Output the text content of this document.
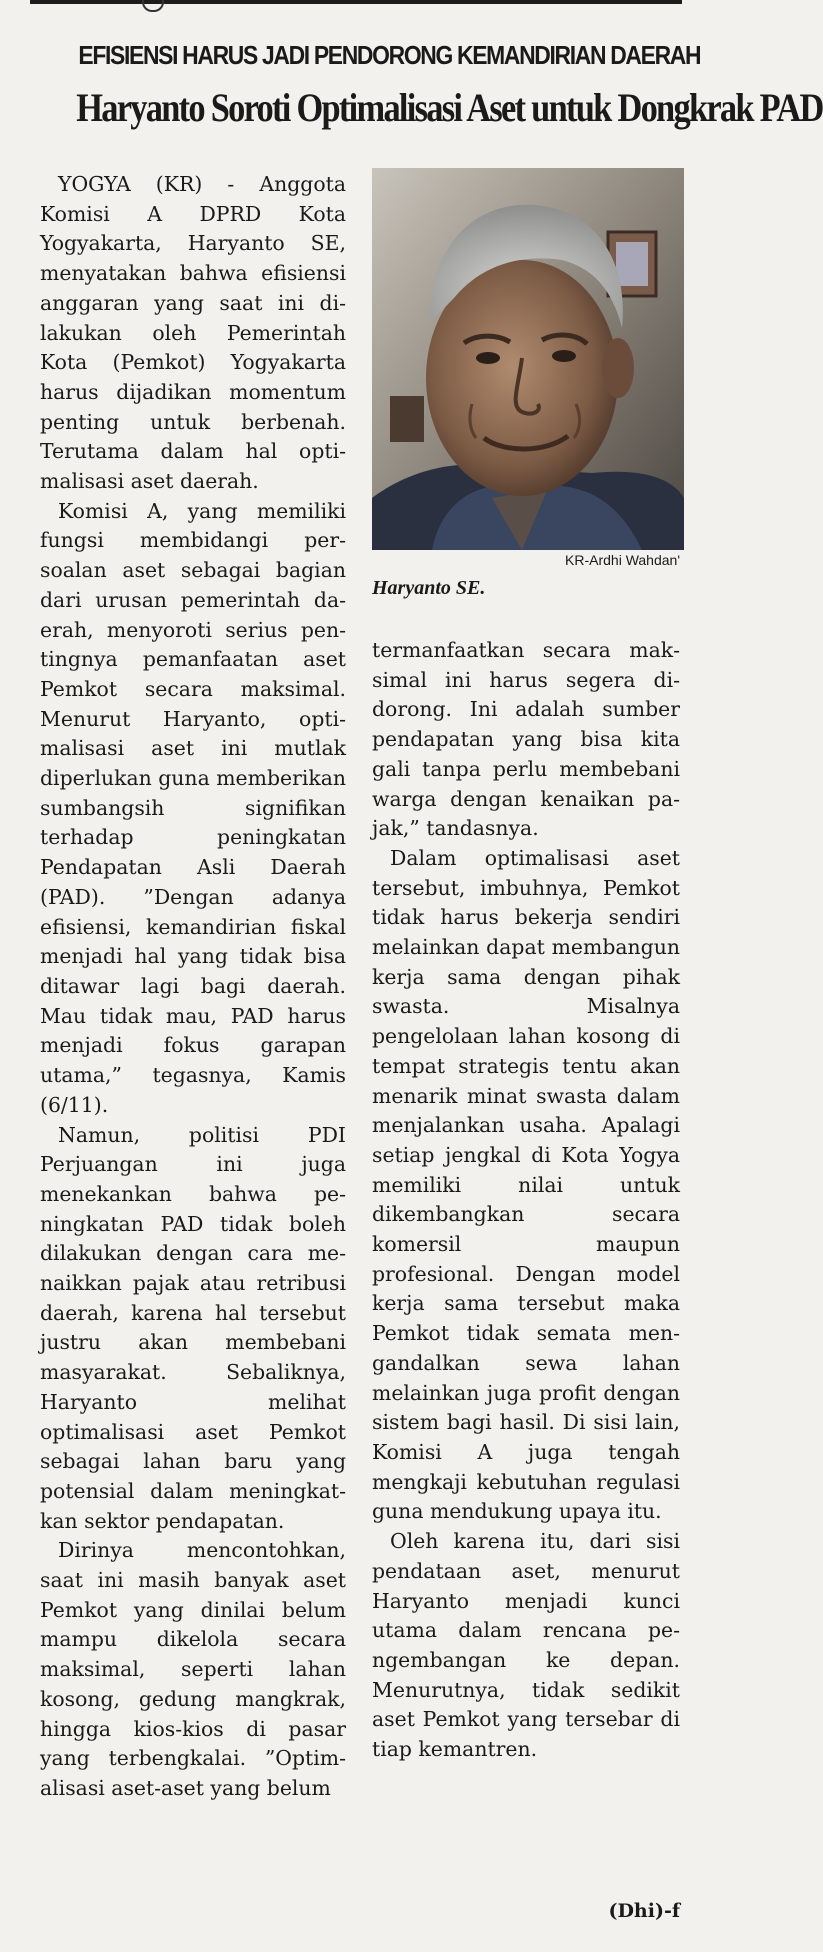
EFISIENSI HARUS JADI PENDORONG KEMANDIRIAN DAERAH
Haryanto Soroti Optimalisasi Aset untuk Dongkrak PAD

YOGYA (KR) - Anggota Komisi A DPRD Kota Yogyakarta, Haryanto SE, menyatakan bahwa efisiensi anggaran yang saat ini dilakukan oleh Pemerintah Kota (Pemkot) Yogyakarta harus dijadikan momentum penting untuk berbenah. Terutama dalam hal optimalisasi aset daerah.

Komisi A, yang memiliki fungsi membidangi persoalan aset sebagai bagian dari urusan pemerintah daerah, menyoroti serius pentingnya pemanfaatan aset Pemkot secara maksimal. Menurut Haryanto, optimalisasi aset ini mutlak diperlukan guna memberikan sumbangsih signifikan terhadap peningkatan Pendapatan Asli Daerah (PAD). ”Dengan adanya efisiensi, kemandirian fiskal menjadi hal yang tidak bisa ditawar lagi bagi daerah. Mau tidak mau, PAD harus menjadi fokus garapan utama,” tegasnya, Kamis (6/11).

Namun, politisi PDI Perjuangan ini juga menekankan bahwa peningkatan PAD tidak boleh dilakukan dengan cara menaikkan pajak atau retribusi daerah, karena hal tersebut justru akan membebani masyarakat. Sebaliknya, Haryanto melihat optimalisasi aset Pemkot sebagai lahan baru yang potensial dalam meningkatkan sektor pendapatan.

Dirinya mencontohkan, saat ini masih banyak aset Pemkot yang dinilai belum mampu dikelola secara maksimal, seperti lahan kosong, gedung mangkrak, hingga kios-kios di pasar yang terbengkalai. ”Optimalisasi aset-aset yang belum

KR-Ardhi Wahdan'
Haryanto SE.

termanfaatkan secara maksimal ini harus segera didorong. Ini adalah sumber pendapatan yang bisa kita gali tanpa perlu membebani warga dengan kenaikan pajak,” tandasnya.

Dalam optimalisasi aset tersebut, imbuhnya, Pemkot tidak harus bekerja sendiri melainkan dapat membangun kerja sama dengan pihak swasta. Misalnya pengelolaan lahan kosong di tempat strategis tentu akan menarik minat swasta dalam menjalankan usaha. Apalagi setiap jengkal di Kota Yogya memiliki nilai untuk dikembangkan secara komersil maupun profesional. Dengan model kerja sama tersebut maka Pemkot tidak semata mengandalkan sewa lahan melainkan juga profit dengan sistem bagi hasil. Di sisi lain, Komisi A juga tengah mengkaji kebutuhan regulasi guna mendukung upaya itu.

Oleh karena itu, dari sisi pendataan aset, menurut Haryanto menjadi kunci utama dalam rencana pengembangan ke depan. Menurutnya, tidak sedikit aset Pemkot yang tersebar di tiap kemantren.

(Dhi)-f
